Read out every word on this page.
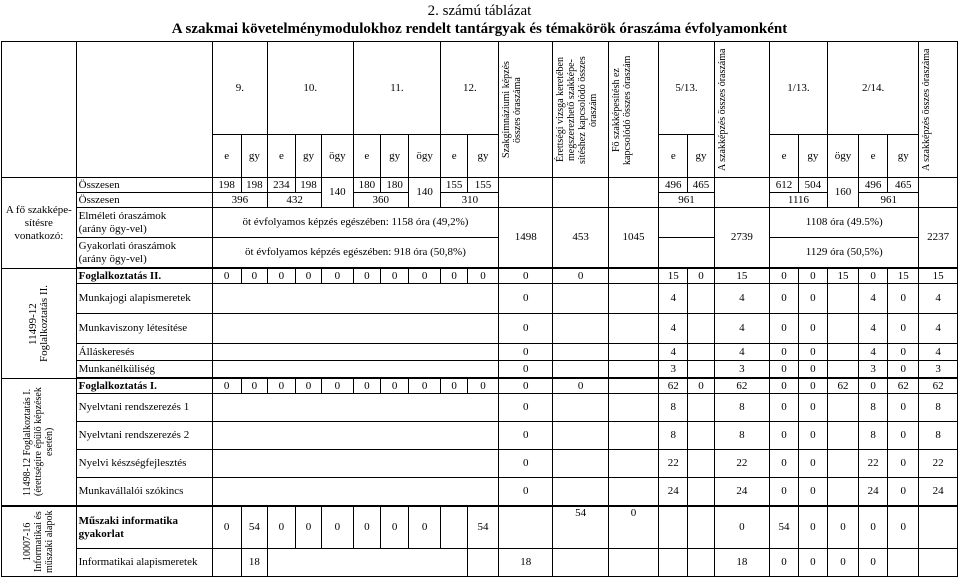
2. számú táblázat
A szakmai követelménymodulokhoz rendelt tantárgyak és témakörök óraszáma évfolyamonként
		9.		10.			11.			12.		Szakgimnáziumi képzés összes óraszáma	Érettségi vizsga keretében megszerezhető szakképe-sítéshez kapcsolódó összes óraszám	Fő szakképesítésh ez kapcsolódó összes óraszám	5/13.		A szakképzés összes óraszáma	1/13.		2/14.			A szakképzés összes óraszáma

		e	gy	e	gy	ögy	e	gy	ögy	e	gy				e	gy		e	gy	ögy	e	gy	
A fő szakképe-sítésre vonatkozó:	Összesen	198	198	234	198	140	180	180	140	155	155				496	465		612	504	160	496	465	
	Összesen	396		432			360			310					961			1116			961		

	Elméleti óraszámok
(arány ögy-vel)	öt évfolyamos képzés egészében: 1158 óra (49,2%)										1498	453	1045			2739	1108 óra (49.5%)					2237

	Gyakorlati óraszámok
(arány ögy-vel)	öt évfolyamos képzés egészében: 918 óra (50,8%)																1129 óra (50,5%)					

11499-12 Foglalkoztatás II.	Foglalkoztatás II.	0	0	0	0	0	0	0	0	0	0	0	0		15	0	15	0	0	15	0	15	15
	Munkajogi alapismeretek											0			4		4	0	0		4	0	4
	Munkaviszony létesítése											0			4		4	0	0		4	0	4
	Álláskeresés											0			4		4	0	0		4	0	4
	Munkanélküliség											0			3		3	0	0		3	0	3

11498-12 Foglalkoztatás I. (érettségire épülő képzések esetén)	Foglalkoztatás I.	0	0	0	0	0	0	0	0	0	0	0	0		62	0	62	0	0	62	0	62	62
	Nyelvtani rendszerezés 1											0			8		8	0	0		8	0	8
	Nyelvtani rendszerezés 2											0			8		8	0	0		8	0	8
	Nyelvi készségfejlesztés											0			22		22	0	0		22	0	22
	Munkavállalói szókincs											0			24		24	0	0		24	0	24

10007-16 Informatikai és műszaki alapok	Műszaki informatika gyakorlat	0	54	0	0	0	0	0	0		54		54	0			0	54	0	0	0	0	
	Informatikai alapismeretek		18									18					18	0	0	0	0		
